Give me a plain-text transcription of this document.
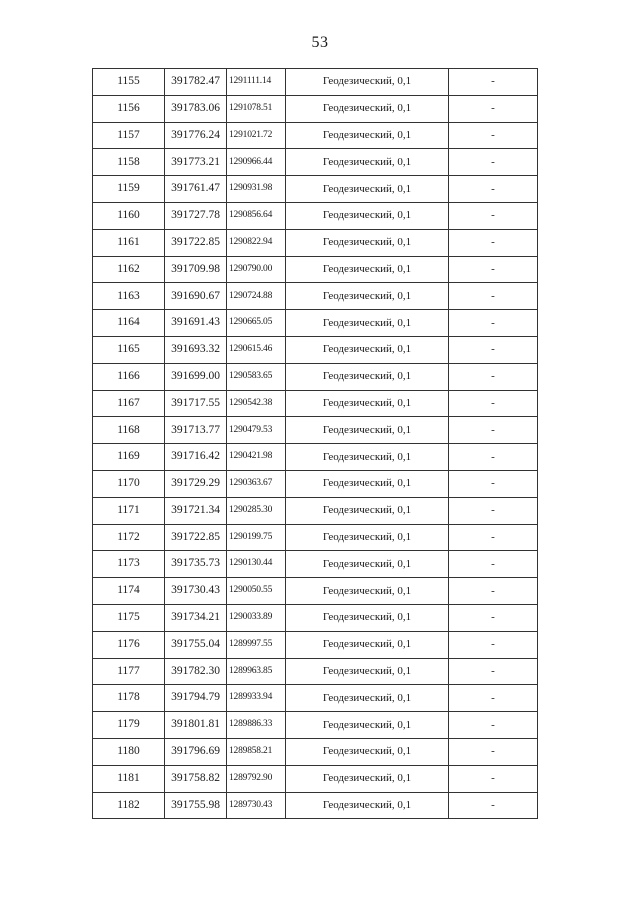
53
1155	391782.47	1291111.14	Геодезический, 0,1	-
1156	391783.06	1291078.51	Геодезический, 0,1	-
1157	391776.24	1291021.72	Геодезический, 0,1	-
1158	391773.21	1290966.44	Геодезический, 0,1	-
1159	391761.47	1290931.98	Геодезический, 0,1	-
1160	391727.78	1290856.64	Геодезический, 0,1	-
1161	391722.85	1290822.94	Геодезический, 0,1	-
1162	391709.98	1290790.00	Геодезический, 0,1	-
1163	391690.67	1290724.88	Геодезический, 0,1	-
1164	391691.43	1290665.05	Геодезический, 0,1	-
1165	391693.32	1290615.46	Геодезический, 0,1	-
1166	391699.00	1290583.65	Геодезический, 0,1	-
1167	391717.55	1290542.38	Геодезический, 0,1	-
1168	391713.77	1290479.53	Геодезический, 0,1	-
1169	391716.42	1290421.98	Геодезический, 0,1	-
1170	391729.29	1290363.67	Геодезический, 0,1	-
1171	391721.34	1290285.30	Геодезический, 0,1	-
1172	391722.85	1290199.75	Геодезический, 0,1	-
1173	391735.73	1290130.44	Геодезический, 0,1	-
1174	391730.43	1290050.55	Геодезический, 0,1	-
1175	391734.21	1290033.89	Геодезический, 0,1	-
1176	391755.04	1289997.55	Геодезический, 0,1	-
1177	391782.30	1289963.85	Геодезический, 0,1	-
1178	391794.79	1289933.94	Геодезический, 0,1	-
1179	391801.81	1289886.33	Геодезический, 0,1	-
1180	391796.69	1289858.21	Геодезический, 0,1	-
1181	391758.82	1289792.90	Геодезический, 0,1	-
1182	391755.98	1289730.43	Геодезический, 0,1	-
